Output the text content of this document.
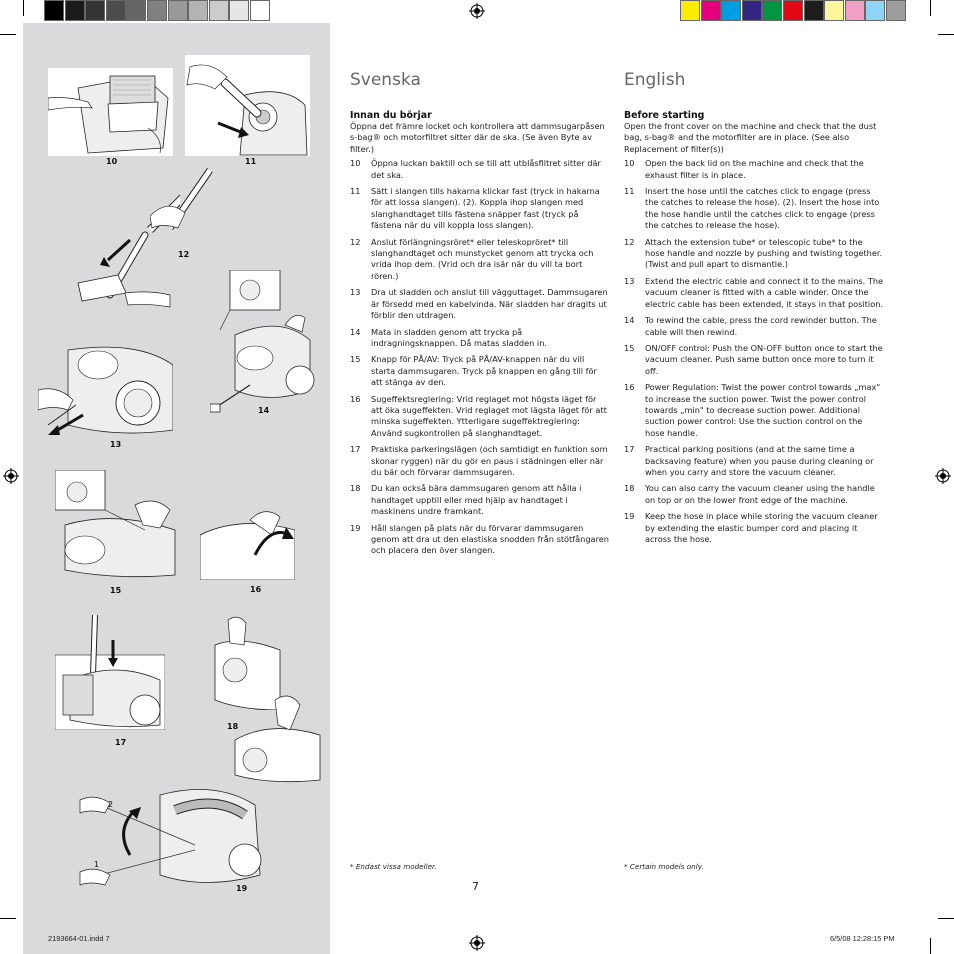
10	11
12
14
13
15	16
17
18
2
1
19
Svenska

Innan du börjar

Öppna det främre locket och kontrollera att dammsugarpåsen s-bag® och motorfiltret sitter där de ska. (Se även Byte av filter.)

10	Öppna luckan baktill och se till att utblåsfiltret sitter där det ska.
11	Sätt i slangen tills hakarna klickar fast (tryck in hakarna för att lossa slangen). (2). Koppla ihop slangen med slanghandtaget tills fästena snäpper fast (tryck på fästena när du vill koppla loss slangen).
12	Anslut förlängningsröret* eller teleskopröret* till slanghandtaget och munstycket genom att trycka och vrida ihop dem. (Vrid och dra isär när du vill ta bort rören.)
13	Dra ut sladden och anslut till vägguttaget. Dammsugaren är försedd med en kabelvinda. När sladden har dragits ut förblir den utdragen.
14	Mata in sladden genom att trycka på indragningsknappen. Då matas sladden in.
15	Knapp för PÅ/AV: Tryck på PÅ/AV-knappen när du vill starta dammsugaren. Tryck på knappen en gång till för att stänga av den.
16	Sugeffektsreglering: Vrid reglaget mot högsta läget för att öka sugeffekten. Vrid reglaget mot lägsta läget för att minska sugeffekten. Ytterligare sugeffektreglering: Använd sugkontrollen på slanghandtaget.
17	Praktiska parkeringslägen (och samtidigt en funktion som skonar ryggen) när du gör en paus i städningen eller när du bär och förvarar dammsugaren.
18	Du kan också bära dammsugaren genom att hålla i handtaget upptill eller med hjälp av handtaget i maskinens undre framkant.
19	Håll slangen på plats när du förvarar dammsugaren genom att dra ut den elastiska snodden från stötfångaren och placera den över slangen.
English

Before starting

Open the front cover on the machine and check that the dust bag, s-bag® and the motorfilter are in place. (See also Replacement of filter(s))

10	Open the back lid on the machine and check that the exhaust filter is in place.
11	Insert the hose until the catches click to engage (press the catches to release the hose). (2). Insert the hose into the hose handle until the catches click to engage (press the catches to release the hose).
12	Attach the extension tube* or telescopic tube* to the hose handle and nozzle by pushing and twisting together. (Twist and pull apart to dismantle.)
13	Extend the electric cable and connect it to the mains. The vacuum cleaner is fitted with a cable winder. Once the electric cable has been extended, it stays in that position.
14	To rewind the cable, press the cord rewinder button. The cable will then rewind.
15	ON/OFF control: Push the ON-OFF button once to start the vacuum cleaner. Push same button once more to turn it off.
16	Power Regulation: Twist the power control towards „max" to increase the suction power. Twist the power control towards „min" to decrease suction power. Additional suction power control: Use the suction control on the hose handle.
17	Practical parking positions (and at the same time a backsaving feature) when you pause during cleaning or when you carry and store the vacuum cleaner.
18	You can also carry the vacuum cleaner using the handle on top or on the lower front edge of the machine.
19	Keep the hose in place while storing the vacuum cleaner by extending the elastic bumper cord and placing it across the hose.
* Endast vissa modeller.	* Certain models only.
7
2193664-01.indd 7	6/5/08 12:28:15 PM
